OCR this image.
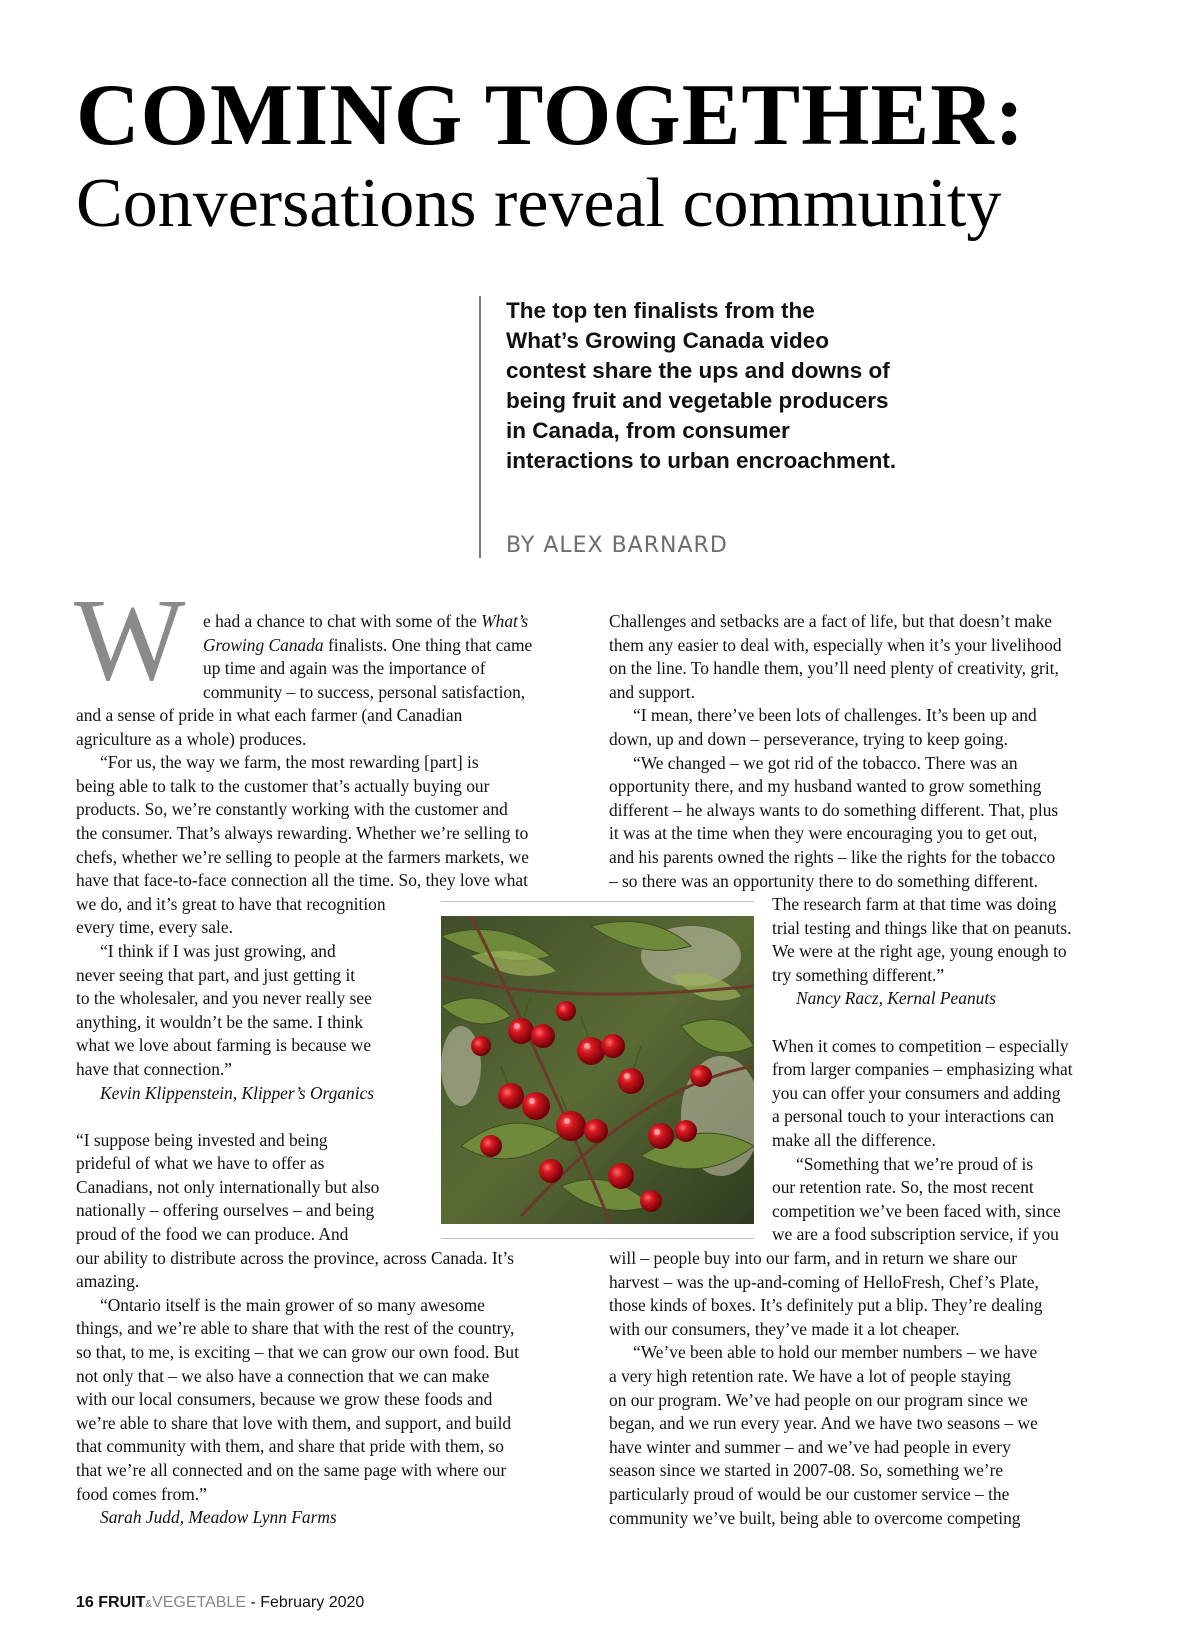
COMING TOGETHER:
Conversations reveal community

The top ten finalists from the
What’s Growing Canada video
contest share the ups and downs of
being fruit and vegetable producers
in Canada, from consumer
interactions to urban encroachment.

BY ALEX BARNARD

W e had a chance to chat with some of the What’s
Growing Canada finalists. One thing that came
up time and again was the importance of
community – to success, personal satisfaction,
and a sense of pride in what each farmer (and Canadian
agriculture as a whole) produces.
“For us, the way we farm, the most rewarding [part] is
being able to talk to the customer that’s actually buying our
products. So, we’re constantly working with the customer and
the consumer. That’s always rewarding. Whether we’re selling to
chefs, whether we’re selling to people at the farmers markets, we
have that face-to-face connection all the time. So, they love what
we do, and it’s great to have that recognition
every time, every sale.
“I think if I was just growing, and
never seeing that part, and just getting it
to the wholesaler, and you never really see
anything, it wouldn’t be the same. I think
what we love about farming is because we
have that connection.”
Kevin Klippenstein, Klipper’s Organics

“I suppose being invested and being
prideful of what we have to offer as
Canadians, not only internationally but also
nationally – offering ourselves – and being
proud of the food we can produce. And
our ability to distribute across the province, across Canada. It’s
amazing.
“Ontario itself is the main grower of so many awesome
things, and we’re able to share that with the rest of the country,
so that, to me, is exciting – that we can grow our own food. But
not only that – we also have a connection that we can make
with our local consumers, because we grow these foods and
we’re able to share that love with them, and support, and build
that community with them, and share that pride with them, so
that we’re all connected and on the same page with where our
food comes from.”
Sarah Judd, Meadow Lynn Farms
Challenges and setbacks are a fact of life, but that doesn’t make
them any easier to deal with, especially when it’s your livelihood
on the line. To handle them, you’ll need plenty of creativity, grit,
and support.
“I mean, there’ve been lots of challenges. It’s been up and
down, up and down – perseverance, trying to keep going.
“We changed – we got rid of the tobacco. There was an
opportunity there, and my husband wanted to grow something
different – he always wants to do something different. That, plus
it was at the time when they were encouraging you to get out,
and his parents owned the rights – like the rights for the tobacco
– so there was an opportunity there to do something different.
The research farm at that time was doing
trial testing and things like that on peanuts.
We were at the right age, young enough to
try something different.”
Nancy Racz, Kernal Peanuts

When it comes to competition – especially
from larger companies – emphasizing what
you can offer your consumers and adding
a personal touch to your interactions can
make all the difference.
“Something that we’re proud of is
our retention rate. So, the most recent
competition we’ve been faced with, since
we are a food subscription service, if you
will – people buy into our farm, and in return we share our
harvest – was the up-and-coming of HelloFresh, Chef’s Plate,
those kinds of boxes. It’s definitely put a blip. They’re dealing
with our consumers, they’ve made it a lot cheaper.
“We’ve been able to hold our member numbers – we have
a very high retention rate. We have a lot of people staying
on our program. We’ve had people on our program since we
began, and we run every year. And we have two seasons – we
have winter and summer – and we’ve had people in every
season since we started in 2007-08. So, something we’re
particularly proud of would be our customer service – the
community we’ve built, being able to overcome competing

16 FRUIT&VEGETABLE - February 2020
